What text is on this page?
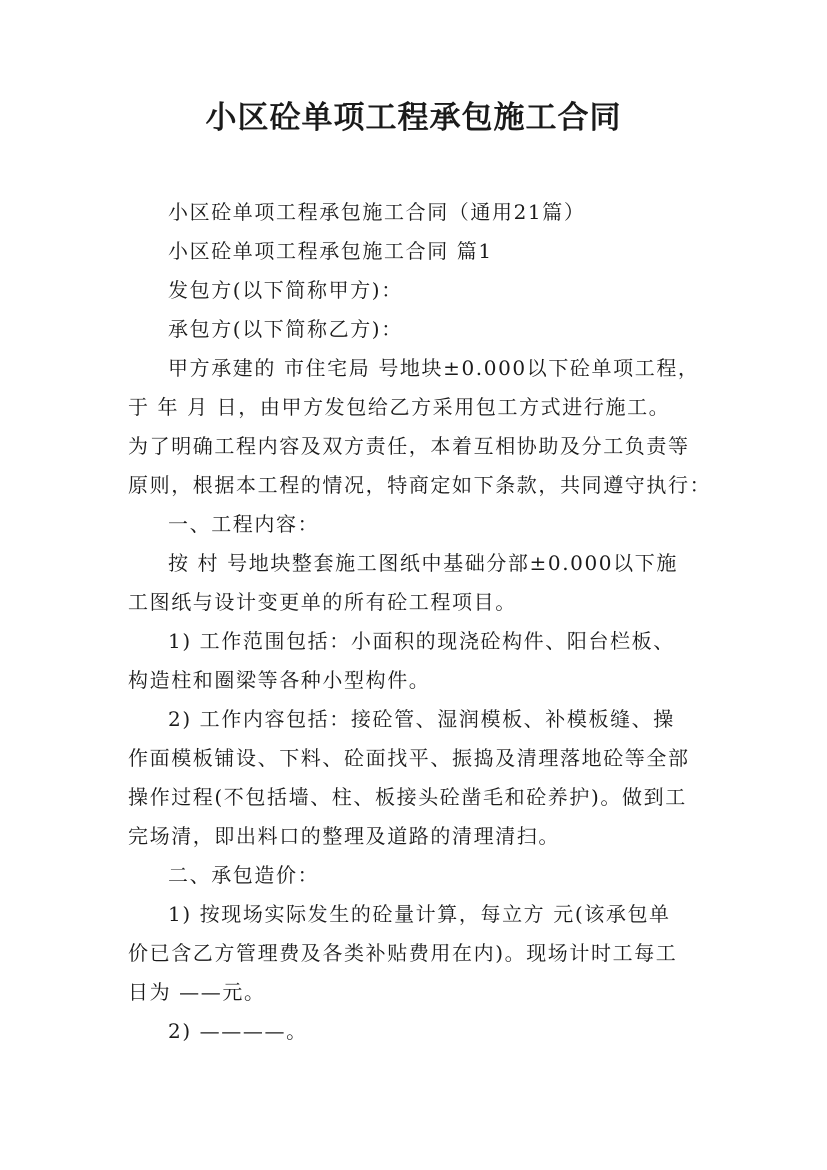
小区砼单项工程承包施工合同
小区砼单项工程承包施工合同（通用21篇）
小区砼单项工程承包施工合同 篇1
发包方(以下简称甲方)：
承包方(以下简称乙方)：
甲方承建的 市住宅局 号地块±0.000以下砼单项工程，
于 年 月 日，由甲方发包给乙方采用包工方式进行施工。
为了明确工程内容及双方责任，本着互相协助及分工负责等
原则，根据本工程的情况，特商定如下条款，共同遵守执行：
一、工程内容：
按 村 号地块整套施工图纸中基础分部±0.000以下施
工图纸与设计变更单的所有砼工程项目。
1) 工作范围包括：小面积的现浇砼构件、阳台栏板、
构造柱和圈梁等各种小型构件。
2) 工作内容包括：接砼管、湿润模板、补模板缝、操
作面模板铺设、下料、砼面找平、振捣及清理落地砼等全部
操作过程(不包括墙、柱、板接头砼凿毛和砼养护)。做到工
完场清，即出料口的整理及道路的清理清扫。
二、承包造价：
1) 按现场实际发生的砼量计算，每立方 元(该承包单
价已含乙方管理费及各类补贴费用在内)。现场计时工每工
日为 ——元。
2) ————。
